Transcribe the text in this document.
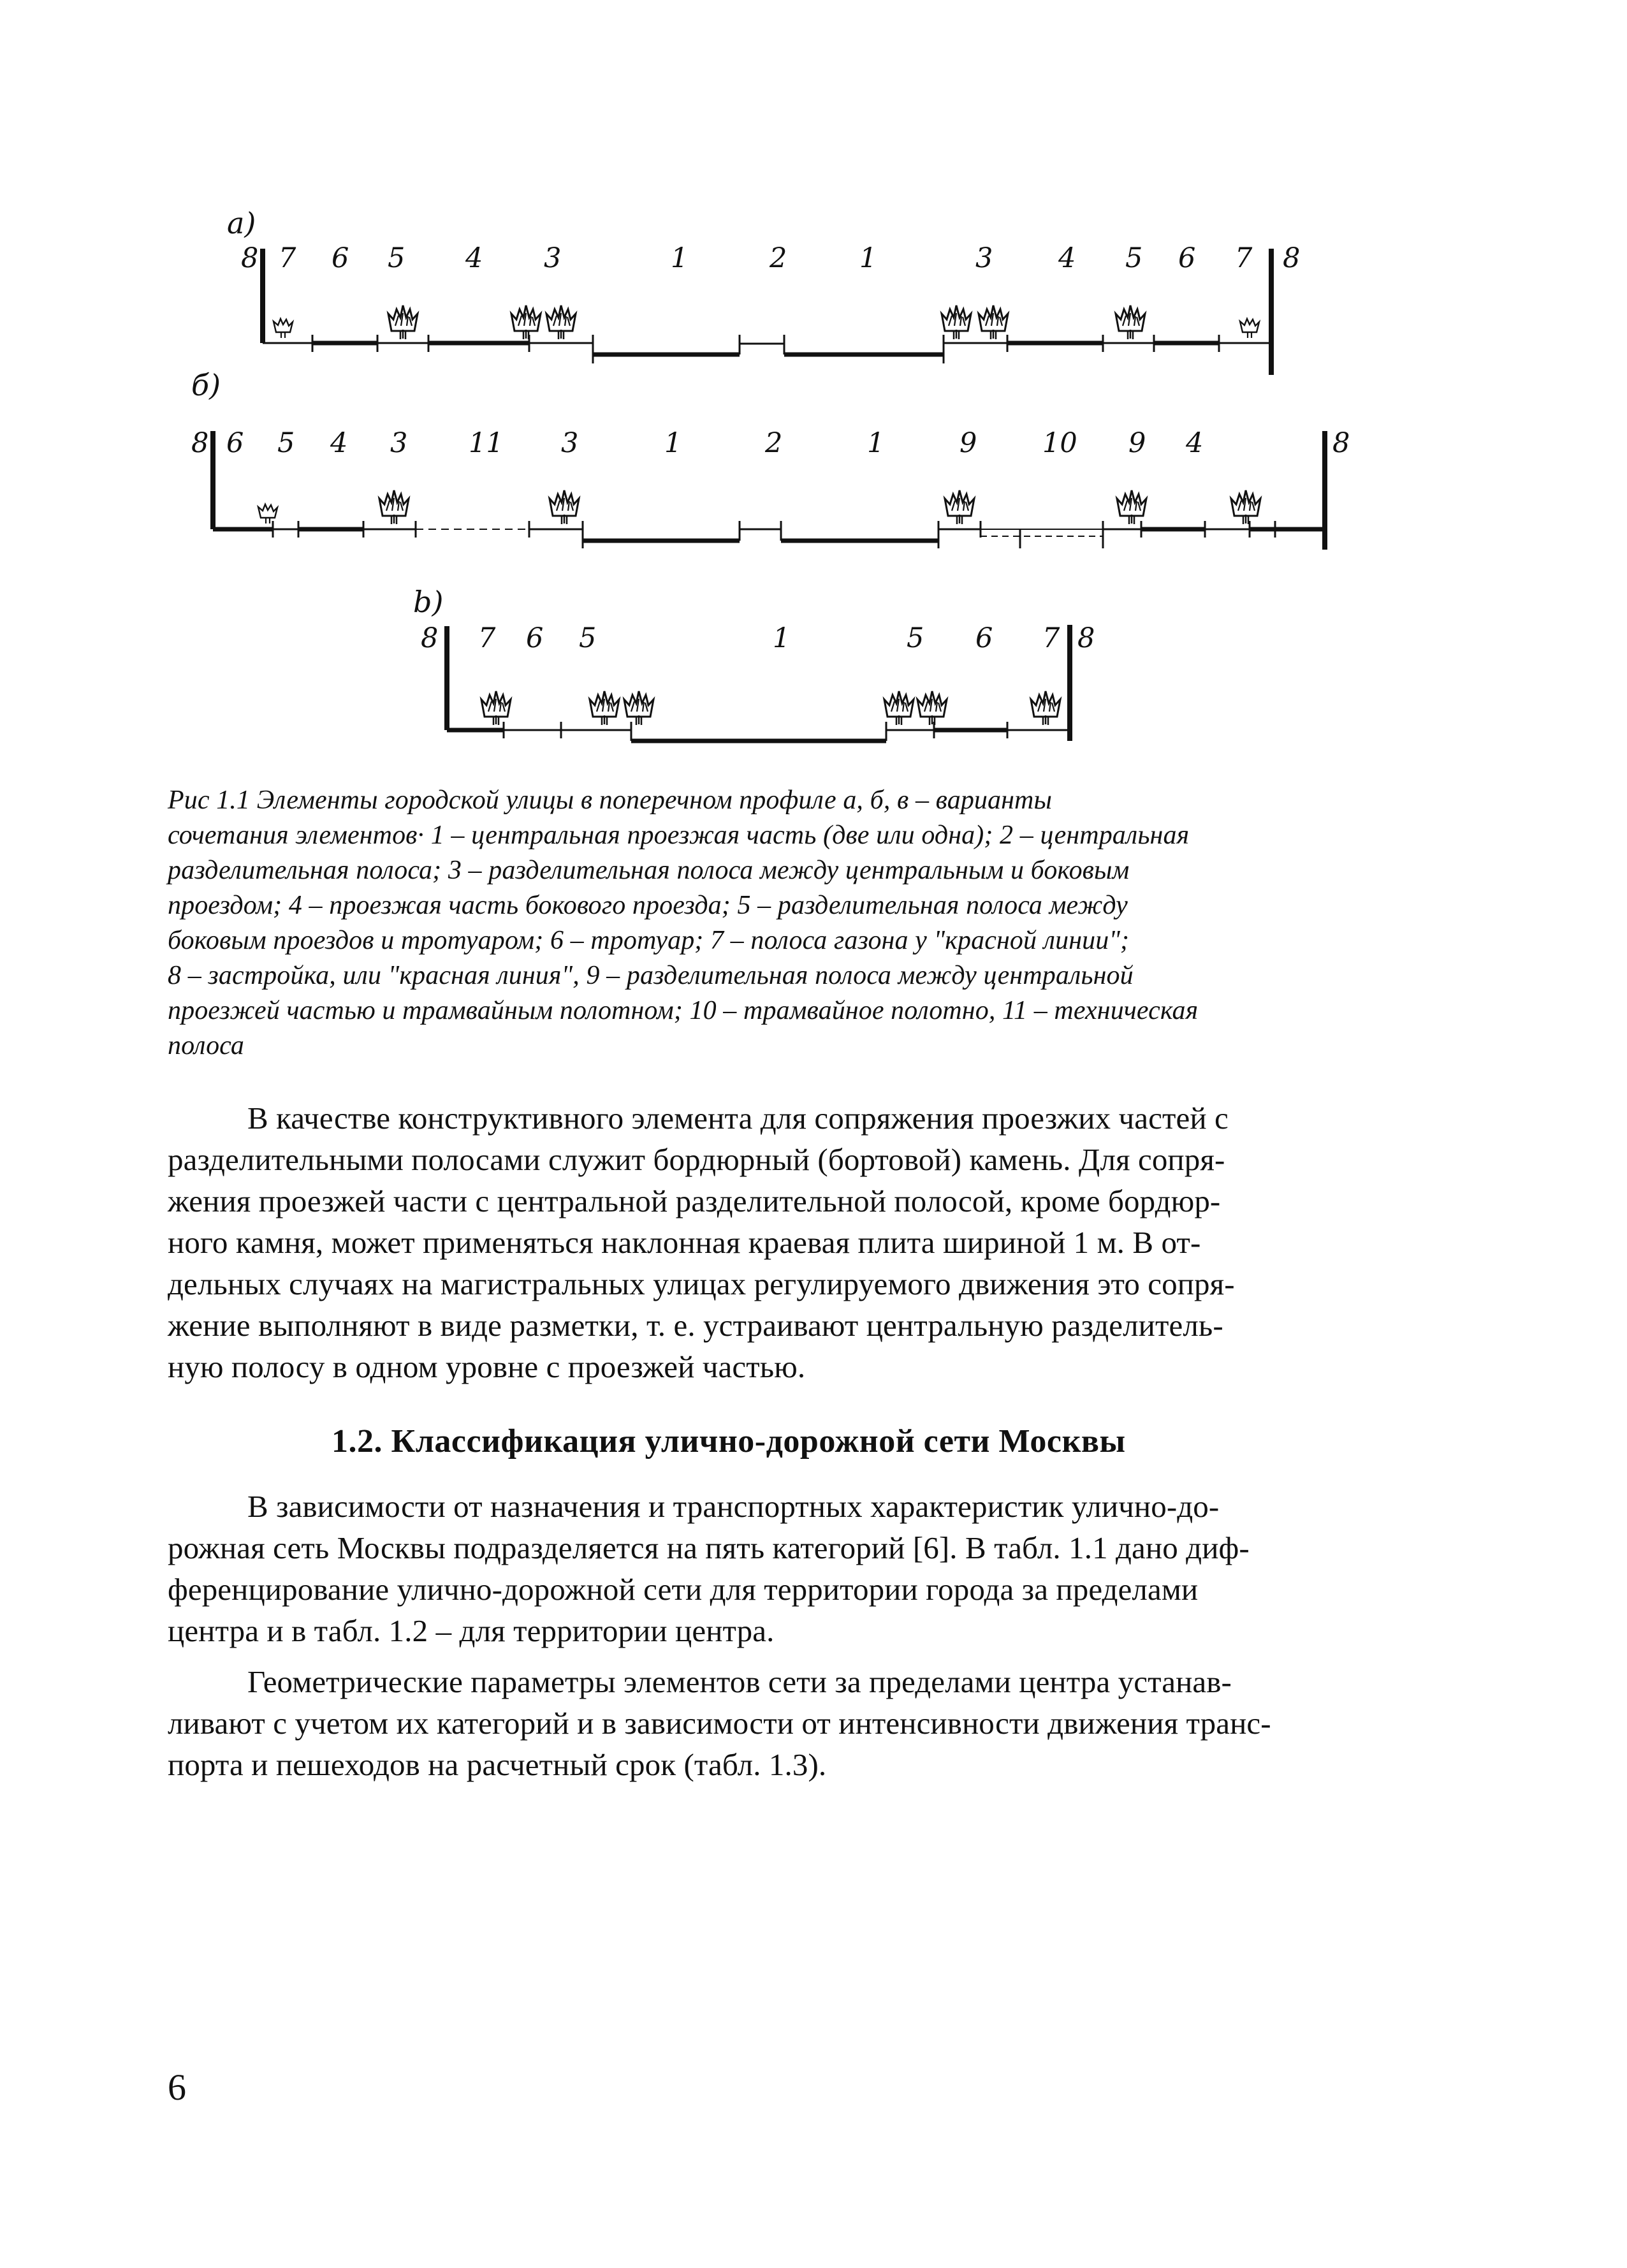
a)
8 7 6 5 4 3	1	2	1	3 4 5 6 7 8
б)
8 6 5 4 3 11 3	1	2	1	9 10 9 4	8
b)
8 7 6 5	1	5 6 7 8

Рис 1.1 Элементы городской улицы в поперечном профиле а, б, в – варианты

сочетания элементов· 1 – центральная проезжая часть (две или одна); 2 – центральная

разделительная полоса; 3 – разделительная полоса между центральным и боковым

проездом; 4 – проезжая часть бокового проезда; 5 – разделительная полоса между

боковым проездов и тротуаром; 6 – тротуар; 7 – полоса газона у "красной линии";

8 – застройка, или "красная линия", 9 – разделительная полоса между центральной

проезжей частью и трамвайным полотном; 10 – трамвайное полотно, 11 – техническая

полоса

В качестве конструктивного элемента для сопряжения проезжих частей с

разделительными полосами служит бордюрный (бортовой) камень. Для сопря-

жения проезжей части с центральной разделительной полосой, кроме бордюр-

ного камня, может применяться наклонная краевая плита шириной 1 м. В от-

дельных случаях на магистральных улицах регулируемого движения это сопря-

жение выполняют в виде разметки, т. е. устраивают центральную разделитель-

ную полосу в одном уровне с проезжей частью.

1.2. Классификация улично-дорожной сети Москвы

В зависимости от назначения и транспортных характеристик улично-до-

рожная сеть Москвы подразделяется на пять категорий [6]. В табл. 1.1 дано диф-

ференцирование улично-дорожной сети для территории города за пределами

центра и в табл. 1.2 – для территории центра.

Геометрические параметры элементов сети за пределами центра устанав-

ливают с учетом их категорий и в зависимости от интенсивности движения транс-

порта и пешеходов на расчетный срок (табл. 1.3).

6
